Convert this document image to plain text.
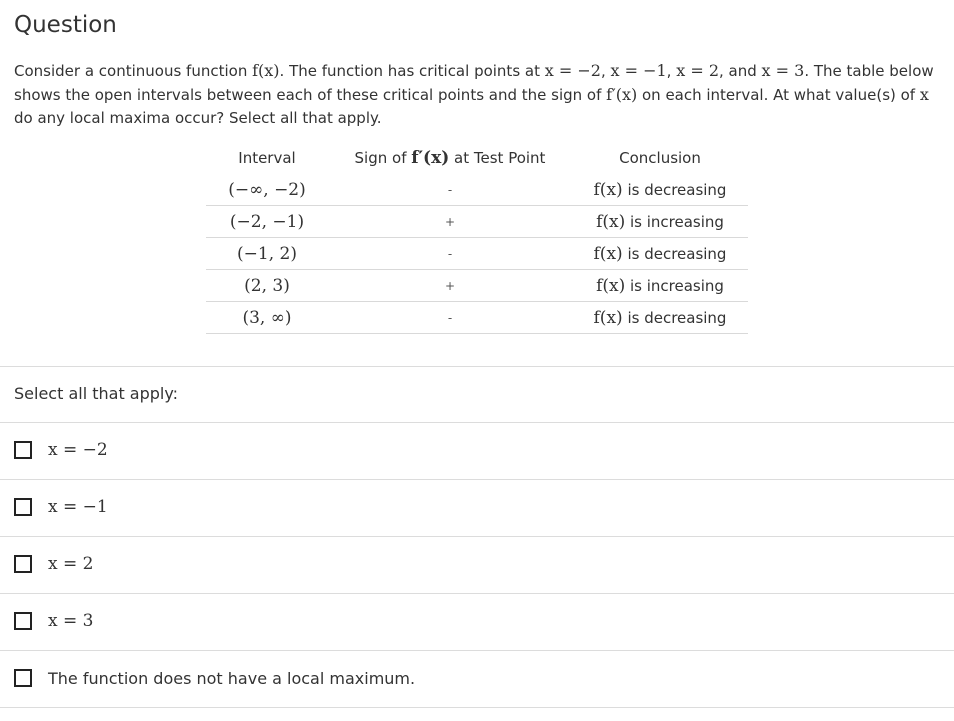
Question
Consider a continuous function f(x). The function has critical points at x = −2, x = −1, x = 2, and x = 3. The table below shows the open intervals between each of these critical points and the sign of f′(x) on each interval. At what value(s) of x do any local maxima occur? Select all that apply.
Interval	Sign of f′(x) at Test Point	Conclusion
(−∞, −2)	-	f(x) is decreasing
(−2, −1)	+	f(x) is increasing
(−1, 2)	-	f(x) is decreasing
(2, 3)	+	f(x) is increasing
(3, ∞)	-	f(x) is decreasing
Select all that apply:
x = −2
x = −1
x = 2
x = 3
The function does not have a local maximum.
